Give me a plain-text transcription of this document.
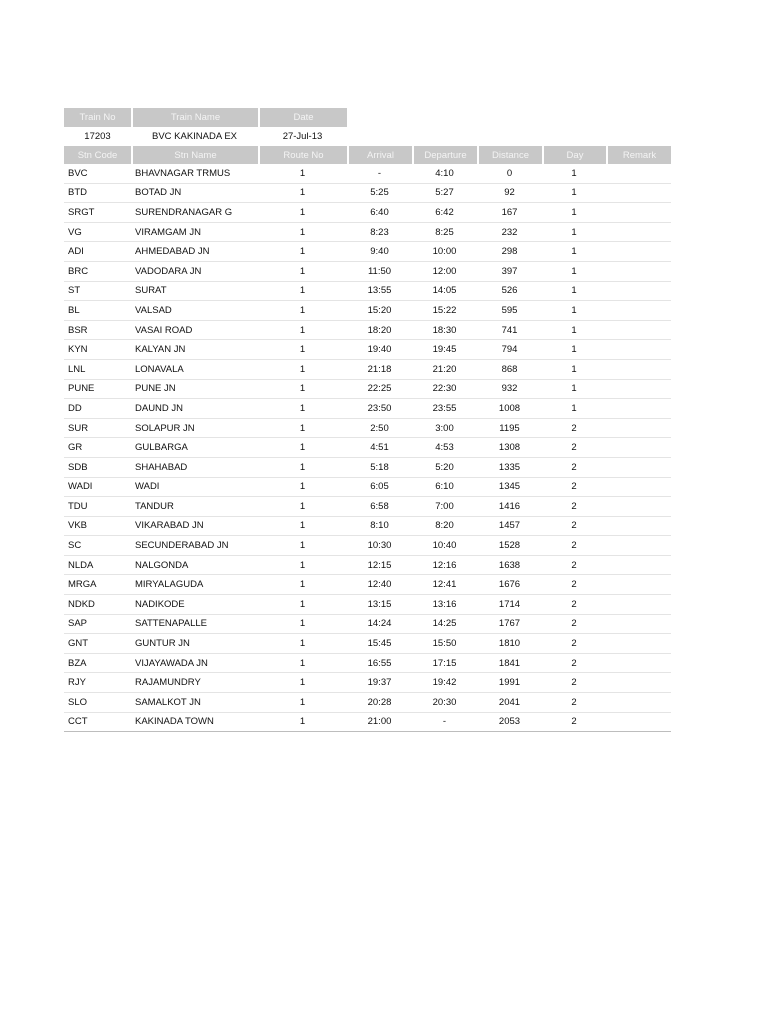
Train No	Train Name	Date
17203	BVC KAKINADA EX	27-Jul-13
Stn Code	Stn Name	Route No	Arrival	Departure	Distance	Day	Remark
BVC	BHAVNAGAR TRMUS	1	-	4:10	0	1	
BTD	BOTAD JN	1	5:25	5:27	92	1	
SRGT	SURENDRANAGAR G	1	6:40	6:42	167	1	
VG	VIRAMGAM JN	1	8:23	8:25	232	1	
ADI	AHMEDABAD JN	1	9:40	10:00	298	1	
BRC	VADODARA JN	1	11:50	12:00	397	1	
ST	SURAT	1	13:55	14:05	526	1	
BL	VALSAD	1	15:20	15:22	595	1	
BSR	VASAI ROAD	1	18:20	18:30	741	1	
KYN	KALYAN JN	1	19:40	19:45	794	1	
LNL	LONAVALA	1	21:18	21:20	868	1	
PUNE	PUNE JN	1	22:25	22:30	932	1	
DD	DAUND JN	1	23:50	23:55	1008	1	
SUR	SOLAPUR JN	1	2:50	3:00	1195	2	
GR	GULBARGA	1	4:51	4:53	1308	2	
SDB	SHAHABAD	1	5:18	5:20	1335	2	
WADI	WADI	1	6:05	6:10	1345	2	
TDU	TANDUR	1	6:58	7:00	1416	2	
VKB	VIKARABAD JN	1	8:10	8:20	1457	2	
SC	SECUNDERABAD JN	1	10:30	10:40	1528	2	
NLDA	NALGONDA	1	12:15	12:16	1638	2	
MRGA	MIRYALAGUDA	1	12:40	12:41	1676	2	
NDKD	NADIKODE	1	13:15	13:16	1714	2	
SAP	SATTENAPALLE	1	14:24	14:25	1767	2	
GNT	GUNTUR JN	1	15:45	15:50	1810	2	
BZA	VIJAYAWADA JN	1	16:55	17:15	1841	2	
RJY	RAJAMUNDRY	1	19:37	19:42	1991	2	
SLO	SAMALKOT JN	1	20:28	20:30	2041	2	
CCT	KAKINADA TOWN	1	21:00	-	2053	2	
